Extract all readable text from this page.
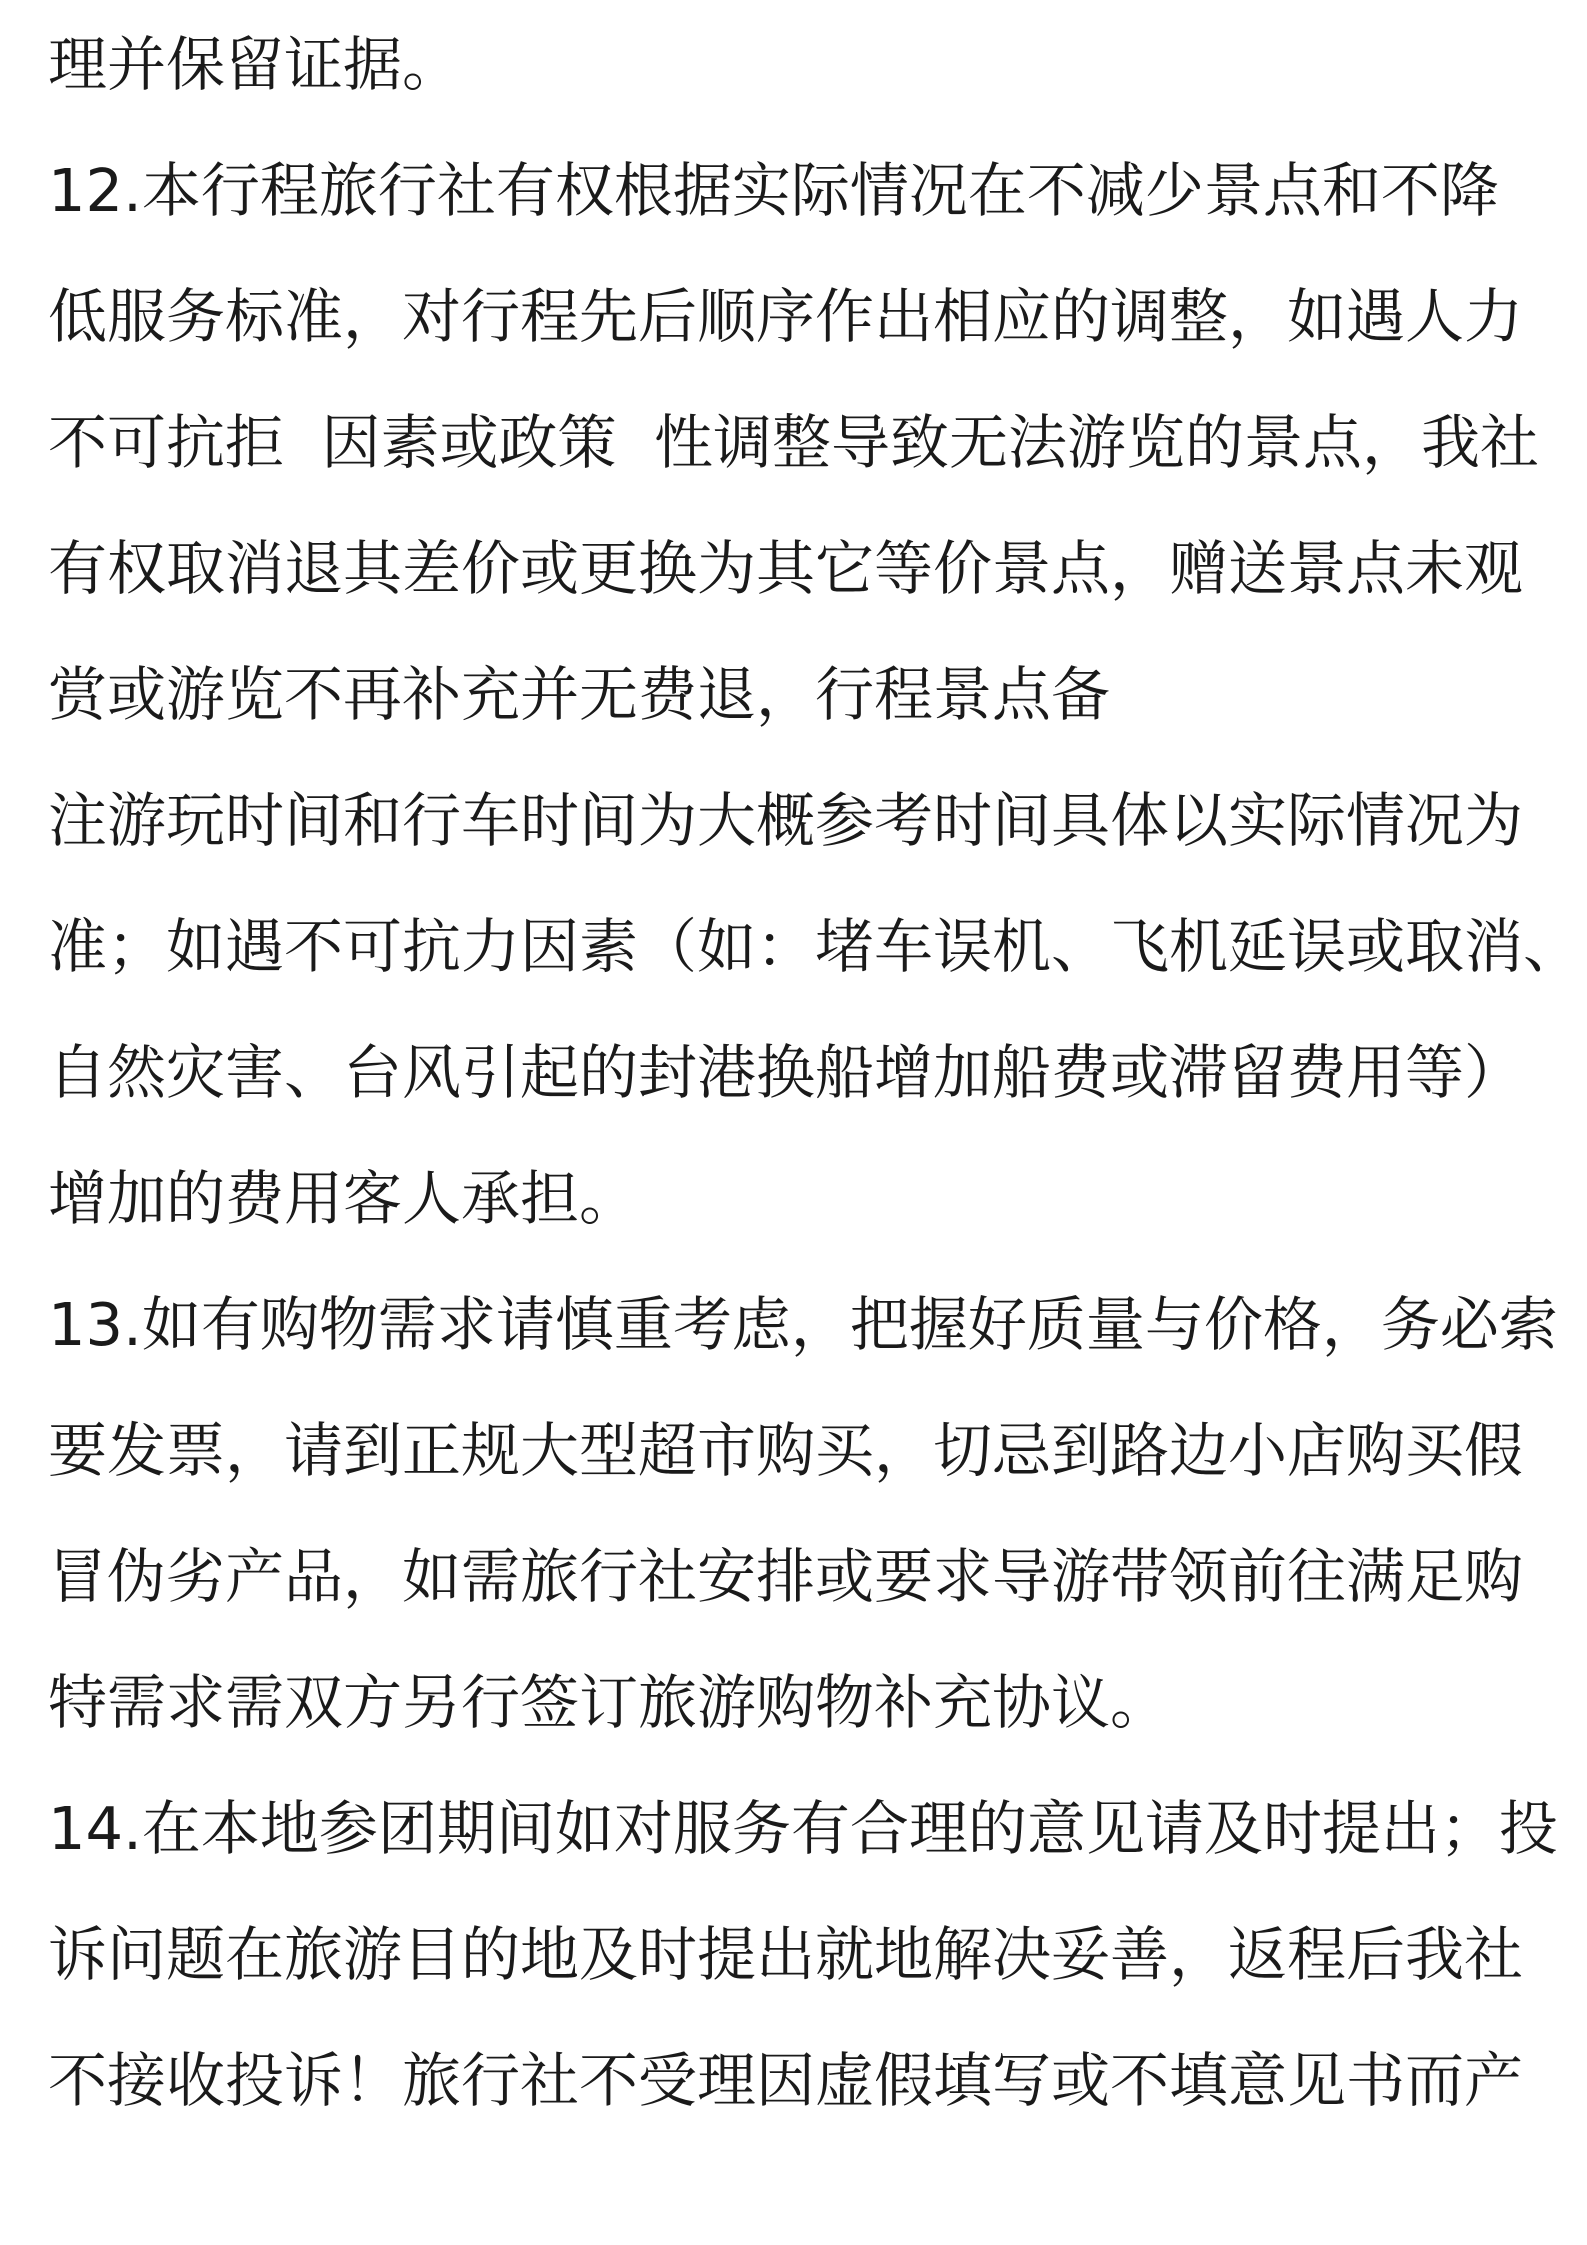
理并保留证据。
12.本行程旅行社有权根据实际情况在不减少景点和不降
低服务标准，对行程先后顺序作出相应的调整，如遇人力
不可抗拒  因素或政策  性调整导致无法游览的景点，我社
有权取消退其差价或更换为其它等价景点，赠送景点未观
赏或游览不再补充并无费退，行程景点备
注游玩时间和行车时间为大概参考时间具体以实际情况为
准；如遇不可抗力因素（如：堵车误机、飞机延误或取消、
自然灾害、台风引起的封港换船增加船费或滞留费用等）
增加的费用客人承担。
13.如有购物需求请慎重考虑，把握好质量与价格，务必索
要发票，请到正规大型超市购买，切忌到路边小店购买假
冒伪劣产品，如需旅行社安排或要求导游带领前往满足购
特需求需双方另行签订旅游购物补充协议。
14.在本地参团期间如对服务有合理的意见请及时提出；投
诉问题在旅游目的地及时提出就地解决妥善，返程后我社
不接收投诉！旅行社不受理因虚假填写或不填意见书而产
